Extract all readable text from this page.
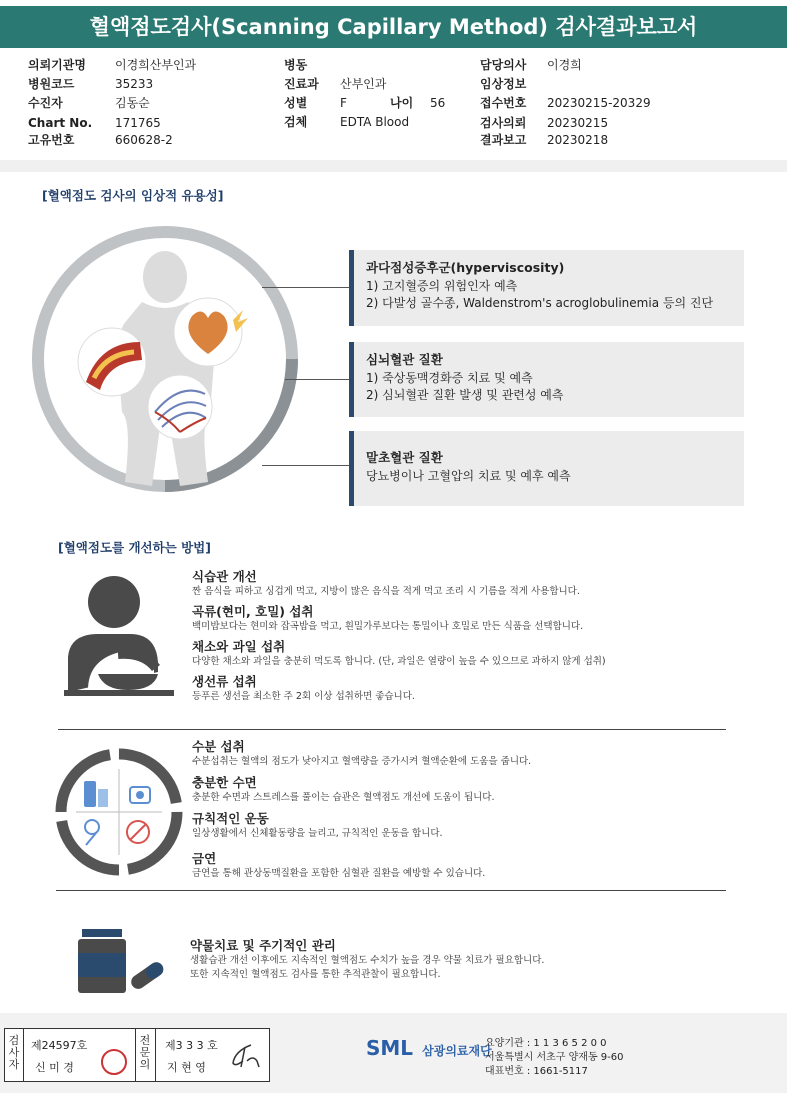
혈액점도검사(Scanning Capillary Method) 검사결과보고서
의뢰기관명 이경희산부인과
병원코드	35233
수진자	김동순
Chart No. 171765
고유번호	660628-2
병동
진료과 산부인과
성별	F	나이 56
검체	EDTA Blood
담당의사 이경희
임상정보
접수번호 20230215-20329
검사의뢰 20230215
결과보고 20230218
[혈액점도 검사의 임상적 유용성]
과다점성증후군(hyperviscosity)
1) 고지혈증의 위험인자 예측
2) 다발성 골수종, Waldenstrom's acroglobulinemia 등의 진단
심뇌혈관 질환
1) 죽상동맥경화증 치료 및 예측
2) 심뇌혈관 질환 발생 및 관련성 예측
말초혈관 질환
당뇨병이나 고혈압의 치료 및 예후 예측
[혈액점도를 개선하는 방법]
식습관 개선
짠 음식을 피하고 싱겁게 먹고, 지방이 많은 음식을 적게 먹고 조리 시 기름을 적게 사용합니다.
곡류(현미, 호밀) 섭취
백미밥보다는 현미와 잡곡밥을 먹고, 흰밀가루보다는 통밀이나 호밀로 만든 식품을 선택합니다.
채소와 과일 섭취
다양한 채소와 과일을 충분히 먹도록 합니다. (단, 과일은 열량이 높을 수 있으므로 과하지 않게 섭취)
생선류 섭취
등푸른 생선을 최소한 주 2회 이상 섭취하면 좋습니다.
수분 섭취
수분섭취는 혈액의 점도가 낮아지고 혈액량을 증가시켜 혈액순환에 도움을 줍니다.
충분한 수면
충분한 수면과 스트레스를 풀이는 습관은 혈액점도 개선에 도움이 됩니다.
규칙적인 운동
일상생활에서 신체활동량을 늘리고, 규칙적인 운동을 합니다.
금연
금연을 통해 관상동맥질환을 포함한 심혈관 질환을 예방할 수 있습니다.
약물치료 및 주기적인 관리
생활습관 개선 이후에도 지속적인 혈액점도 수치가 높을 경우 약물 치료가 필요합니다.
또한 지속적인 혈액점도 검사를 통한 추적관찰이 필요합니다.
검사자
제24597호
신 미 경
전문의
제3 3 3 호
지 현 영
SML 삼광의료재단
요양기관 : 1 1 3 6 5 2 0 0
서울특별시 서초구 양재동 9-60
대표번호 : 1661-5117
